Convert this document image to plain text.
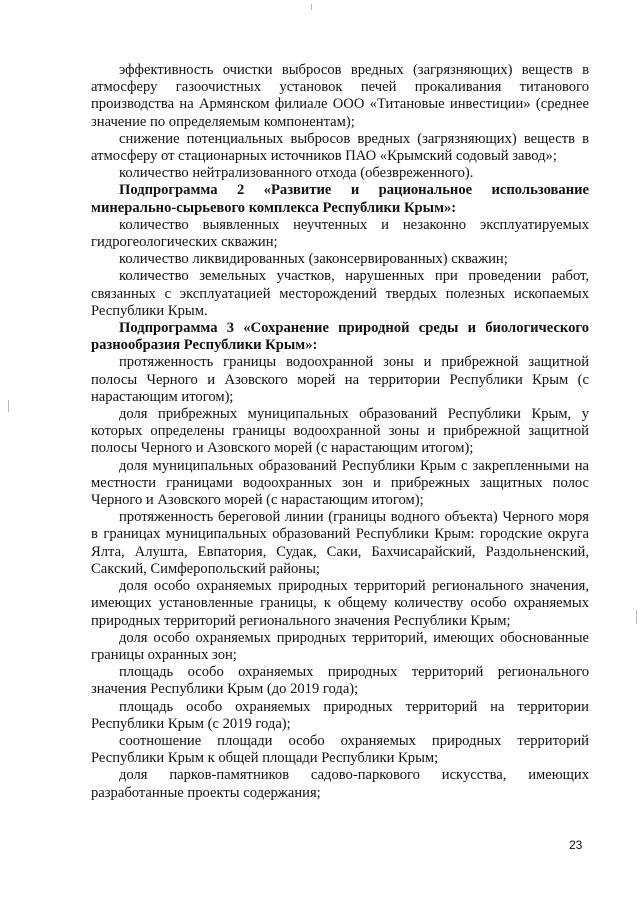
эффективность очистки выбросов вредных (загрязняющих) веществ в атмосферу газоочистных установок печей прокаливания титанового производства на Армянском филиале ООО «Титановые инвестиции» (среднее значение по определяемым компонентам);

снижение потенциальных выбросов вредных (загрязняющих) веществ в атмосферу от стационарных источников ПАО «Крымский содовый завод»;

количество нейтрализованного отхода (обезвреженного).

Подпрограмма 2 «Развитие и рациональное использование минерально-сырьевого комплекса Республики Крым»:

количество выявленных неучтенных и незаконно эксплуатируемых гидрогеологических скважин;

количество ликвидированных (законсервированных) скважин;

количество земельных участков, нарушенных при проведении работ, связанных с эксплуатацией месторождений твердых полезных ископаемых Республики Крым.

Подпрограмма 3 «Сохранение природной среды и биологического разнообразия Республики Крым»:

протяженность границы водоохранной зоны и прибрежной защитной полосы Черного и Азовского морей на территории Республики Крым (с нарастающим итогом);

доля прибрежных муниципальных образований Республики Крым, у которых определены границы водоохранной зоны и прибрежной защитной полосы Черного и Азовского морей (с нарастающим итогом);

доля муниципальных образований Республики Крым с закрепленными на местности границами водоохранных зон и прибрежных защитных полос Черного и Азовского морей (с нарастающим итогом);

протяженность береговой линии (границы водного объекта) Черного моря в границах муниципальных образований Республики Крым: городские округа Ялта, Алушта, Евпатория, Судак, Саки, Бахчисарайский, Раздольненский, Сакский, Симферопольский районы;

доля особо охраняемых природных территорий регионального значения, имеющих установленные границы, к общему количеству особо охраняемых природных территорий регионального значения Республики Крым;

доля особо охраняемых природных территорий, имеющих обоснованные границы охранных зон;

площадь особо охраняемых природных территорий регионального значения Республики Крым (до 2019 года);

площадь особо охраняемых природных территорий на территории Республики Крым (с 2019 года);

соотношение площади особо охраняемых природных территорий Республики Крым к общей площади Республики Крым;

доля парков-памятников садово-паркового искусства, имеющих разработанные проекты содержания;

23
